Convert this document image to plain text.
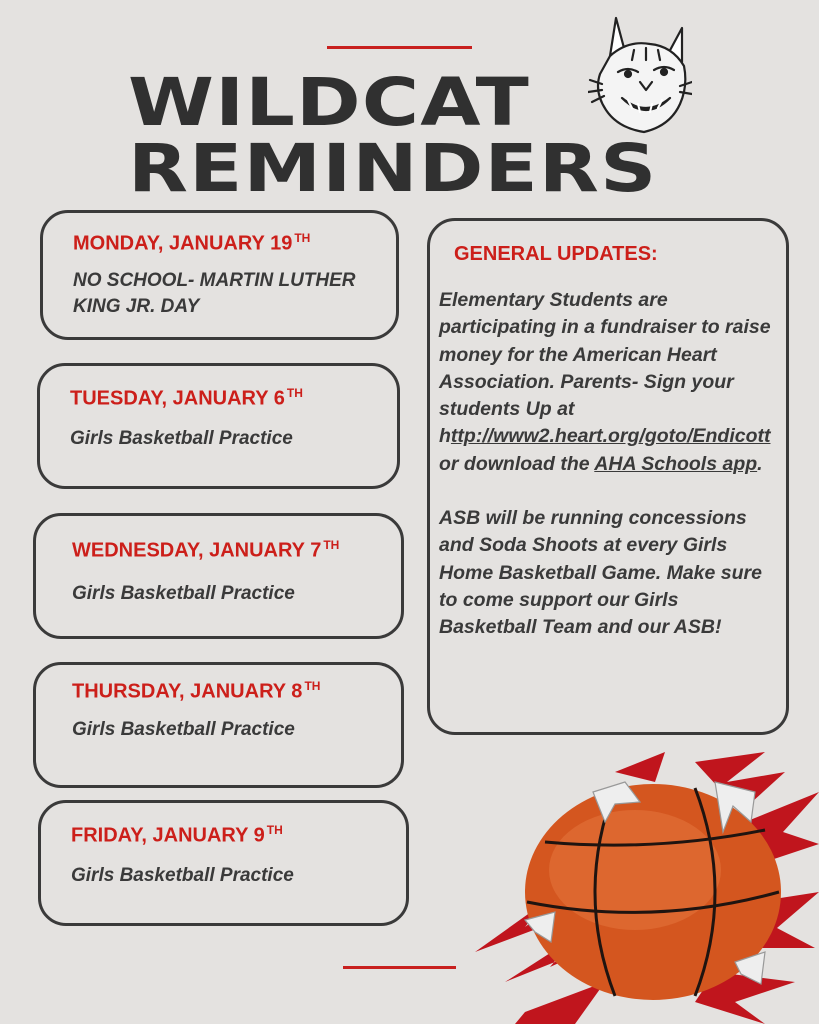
WILDCAT
REMINDERS
MONDAY, JANUARY 19 $^{TH}$
NO SCHOOL- MARTIN LUTHER KING JR. DAY
TUESDAY, JANUARY 6 $^{TH}$
Girls Basketball Practice
WEDNESDAY, JANUARY 7 $^{TH}$
Girls Basketball Practice
THURSDAY, JANUARY 8 $^{TH}$
Girls Basketball Practice
FRIDAY, JANUARY 9 $^{TH}$
Girls Basketball Practice
GENERAL UPDATES:

Elementary Students are participating in a fundraiser to raise money for the American Heart Association. Parents- Sign your students Up at http://www2.heart.org/goto/Endicott or download the AHA Schools app.

ASB will be running concessions and Soda Shoots at every Girls Home Basketball Game. Make sure to come support our Girls Basketball Team and our ASB!
